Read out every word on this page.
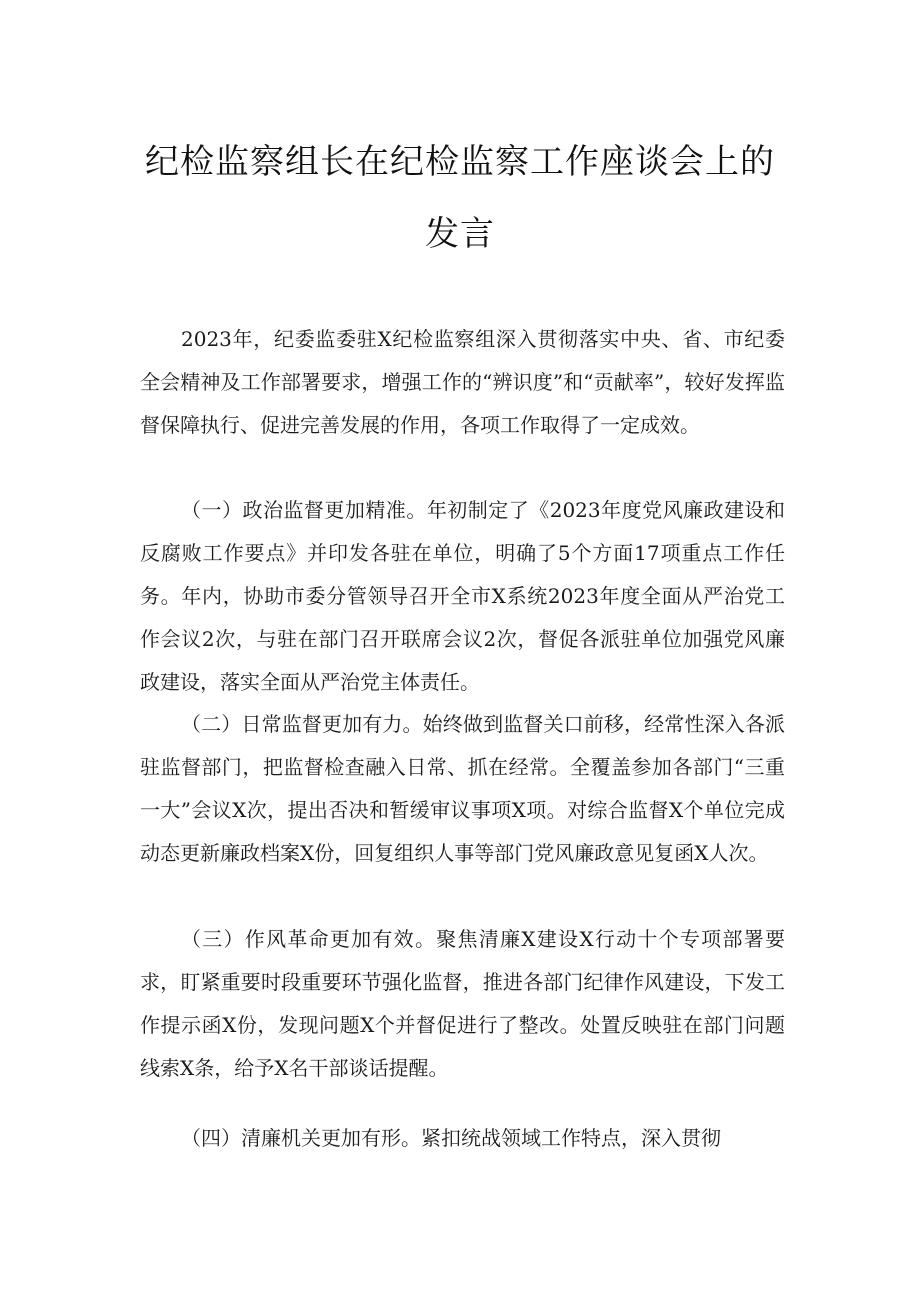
纪检监察组长在纪检监察工作座谈会上的
发言

2023年，纪委监委驻X纪检监察组深入贯彻落实中央、省、市纪委全会精神及工作部署要求，增强工作的“辨识度”和“贡献率”，较好发挥监督保障执行、促进完善发展的作用，各项工作取得了一定成效。

（一）政治监督更加精准。年初制定了《2023年度党风廉政建设和反腐败工作要点》并印发各驻在单位，明确了5个方面17项重点工作任务。年内，协助市委分管领导召开全市X系统2023年度全面从严治党工作会议2次，与驻在部门召开联席会议2次，督促各派驻单位加强党风廉政建设，落实全面从严治党主体责任。

（二）日常监督更加有力。始终做到监督关口前移，经常性深入各派驻监督部门，把监督检查融入日常、抓在经常。全覆盖参加各部门“三重一大”会议X次，提出否决和暂缓审议事项X项。对综合监督X个单位完成动态更新廉政档案X份，回复组织人事等部门党风廉政意见复函X人次。

（三）作风革命更加有效。聚焦清廉X建设X行动十个专项部署要求，盯紧重要时段重要环节强化监督，推进各部门纪律作风建设，下发工作提示函X份，发现问题X个并督促进行了整改。处置反映驻在部门问题线索X条，给予X名干部谈话提醒。

（四）清廉机关更加有形。紧扣统战领域工作特点，深入贯彻
